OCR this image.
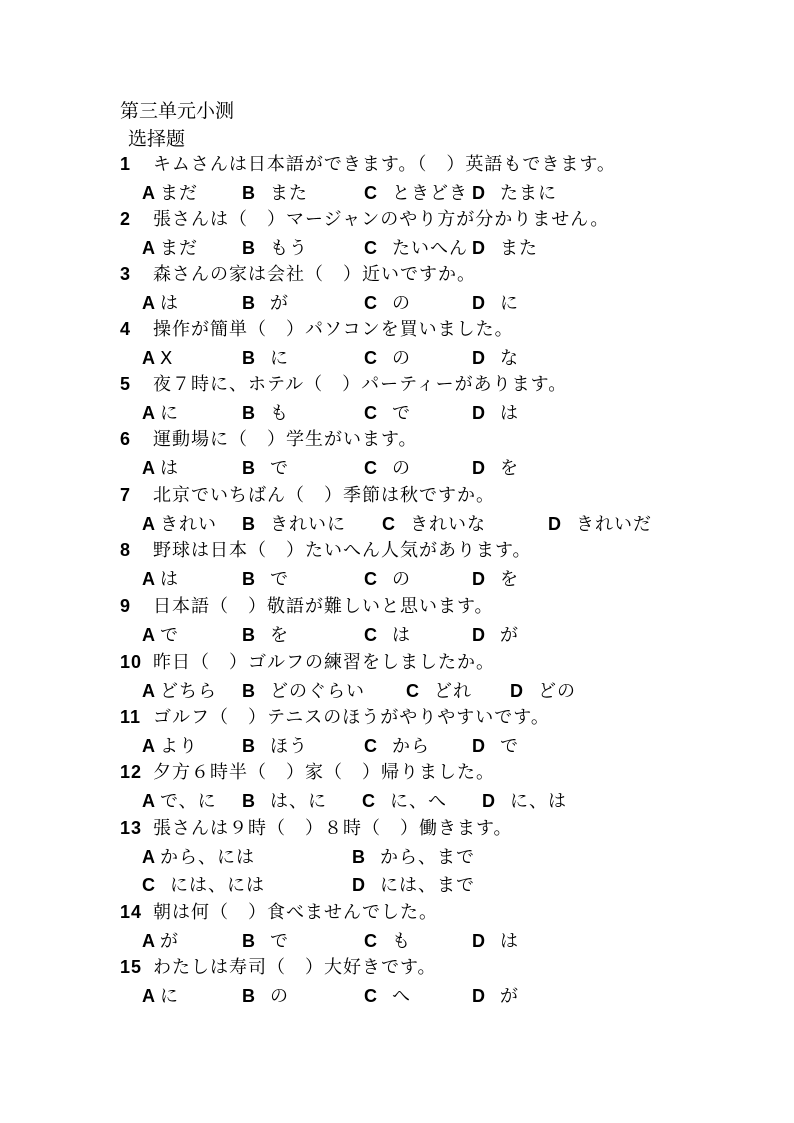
第三单元小测
选择题
1 キムさんは日本語ができます。（　）英語もできます。
A まだ B また	C ときどき D たまに
2 張さんは（　）マージャンのやり方が分かりません。
A まだ B もう	C たいへん D また
3 森さんの家は会社（　）近いですか。
A は	B が	C の	D に
4 操作が簡単（　）パソコンを買いました。
A X	B に	C の	D な
5 夜７時に、ホテル（　）パーティーがあります。
A に	B も	C で	D は
6 運動場に（　）学生がいます。
A は	B で	C の	D を
7 北京でいちばん（　）季節は秋ですか。
A きれい B きれいに C きれいな	D きれいだ
8 野球は日本（　）たいへん人気があります。
A は	B で	C の	D を
9 日本語（　）敬語が難しいと思います。
A で	B を	C は	D が
10 昨日（　）ゴルフの練習をしましたか。
A どちら B どのぐらい C どれ D どの
11 ゴルフ（　）テニスのほうがやりやすいです。
A より B ほう	C から D で
12 夕方６時半（　）家（　）帰りました。
A で、に B は、に C に、へ D に、は
13 張さんは９時（　）８時（　）働きます。
A から、には	B から、まで
C には、には	D には、まで
14 朝は何（　）食べませんでした。
A が	B で	C も	D は
15 わたしは寿司（　）大好きです。
A に	B の	C へ	D が
